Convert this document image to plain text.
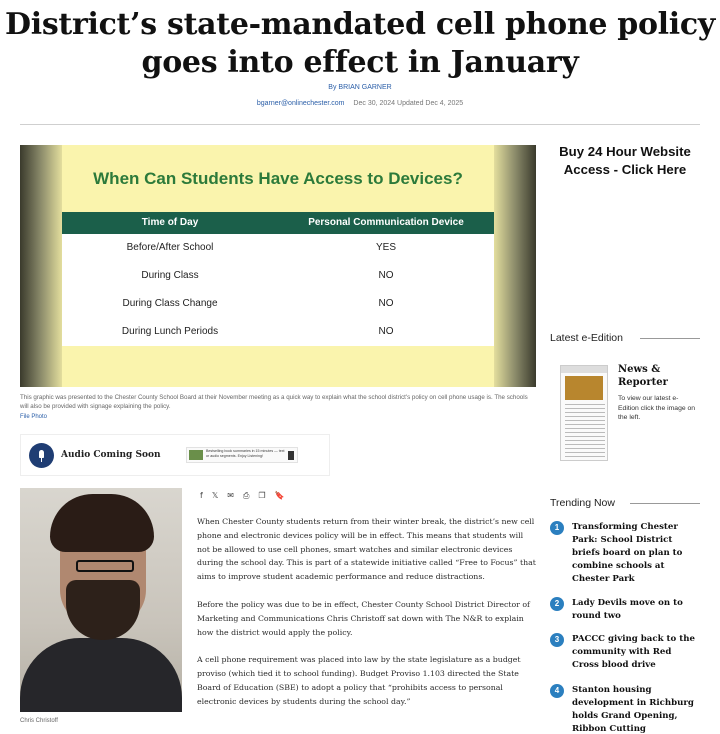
District’s state-mandated cell phone policy goes into effect in January
By BRIAN GARNER
bgarner@onlinechester.com Dec 30, 2024 Updated Dec 4, 2025
When Can Students Have Access to Devices?
Time of Day	Personal Communication Device
Before/After School	YES
During Class	NO
During Class Change	NO
During Lunch Periods	NO
This graphic was presented to the Chester County School Board at their November meeting as a quick way to explain what the school district's policy on cell phone usage is. The schools will also be provided with signage explaining the policy.
File Photo
Audio Coming Soon	Bestselling book summaries in 15 minutes — text or audio segments. Enjoy Listening!
Chris Christoff
f 𝕏 ✉ ⎙ ❐ 🔖

When Chester County students return from their winter break, the district’s new cell phone and electronic devices policy will be in effect. This means that students will not be allowed to use cell phones, smart watches and similar electronic devices during the school day. This is part of a statewide initiative called “Free to Focus” that aims to improve student academic performance and reduce distractions.

Before the policy was due to be in effect, Chester County School District Director of Marketing and Communications Chris Christoff sat down with The N&R to explain how the district would apply the policy.

A cell phone requirement was placed into law by the state legislature as a budget proviso (which tied it to school funding). Budget Proviso 1.103 directed the State Board of Education (SBE) to adopt a policy that “prohibits access to personal electronic devices by students during the school day.”

Buy 24 Hour Website Access - Click Here
Latest e-Edition
News & Reporter
To view our latest e-Edition click the image on the left.
Trending Now
1	Transforming Chester Park: School District briefs board on plan to combine schools at Chester Park
2	Lady Devils move on to round two
3	PACCC giving back to the community with Red Cross blood drive
4	Stanton housing development in Richburg holds Grand Opening, Ribbon Cutting
